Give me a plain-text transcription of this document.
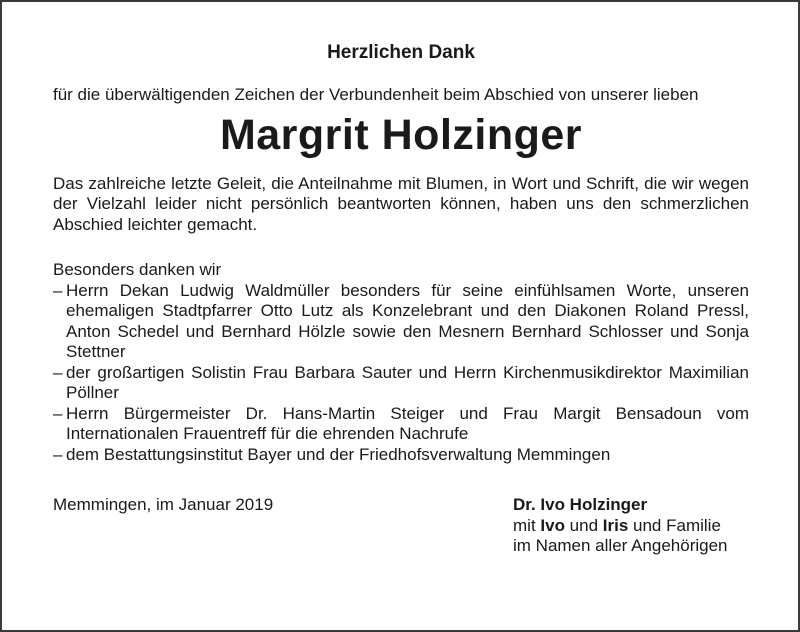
Herzlichen Dank

für die überwältigenden Zeichen der Verbundenheit beim Abschied von unserer lieben

Margrit Holzinger

Das zahlreiche letzte Geleit, die Anteilnahme mit Blumen, in Wort und Schrift, die wir wegen der Vielzahl leider nicht persönlich beantworten können, haben uns den schmerzlichen Abschied leichter gemacht.

Besonders danken wir

– Herrn Dekan Ludwig Waldmüller besonders für seine einfühlsamen Worte, unseren ehemaligen Stadtpfarrer Otto Lutz als Konzelebrant und den Diakonen Roland Pressl, Anton Schedel und Bernhard Hölzle sowie den Mesnern Bernhard Schlosser und Sonja Stettner
– der großartigen Solistin Frau Barbara Sauter und Herrn Kirchenmusikdirektor Maximilian Pöllner
– Herrn Bürgermeister Dr. Hans-Martin Steiger und Frau Margit Bensadoun vom Internationalen Frauentreff für die ehrenden Nachrufe
– dem Bestattungsinstitut Bayer und der Friedhofsverwaltung Memmingen
Memmingen, im Januar 2019	Dr. Ivo Holzinger
mit Ivo und Iris und Familie
im Namen aller Angehörigen
